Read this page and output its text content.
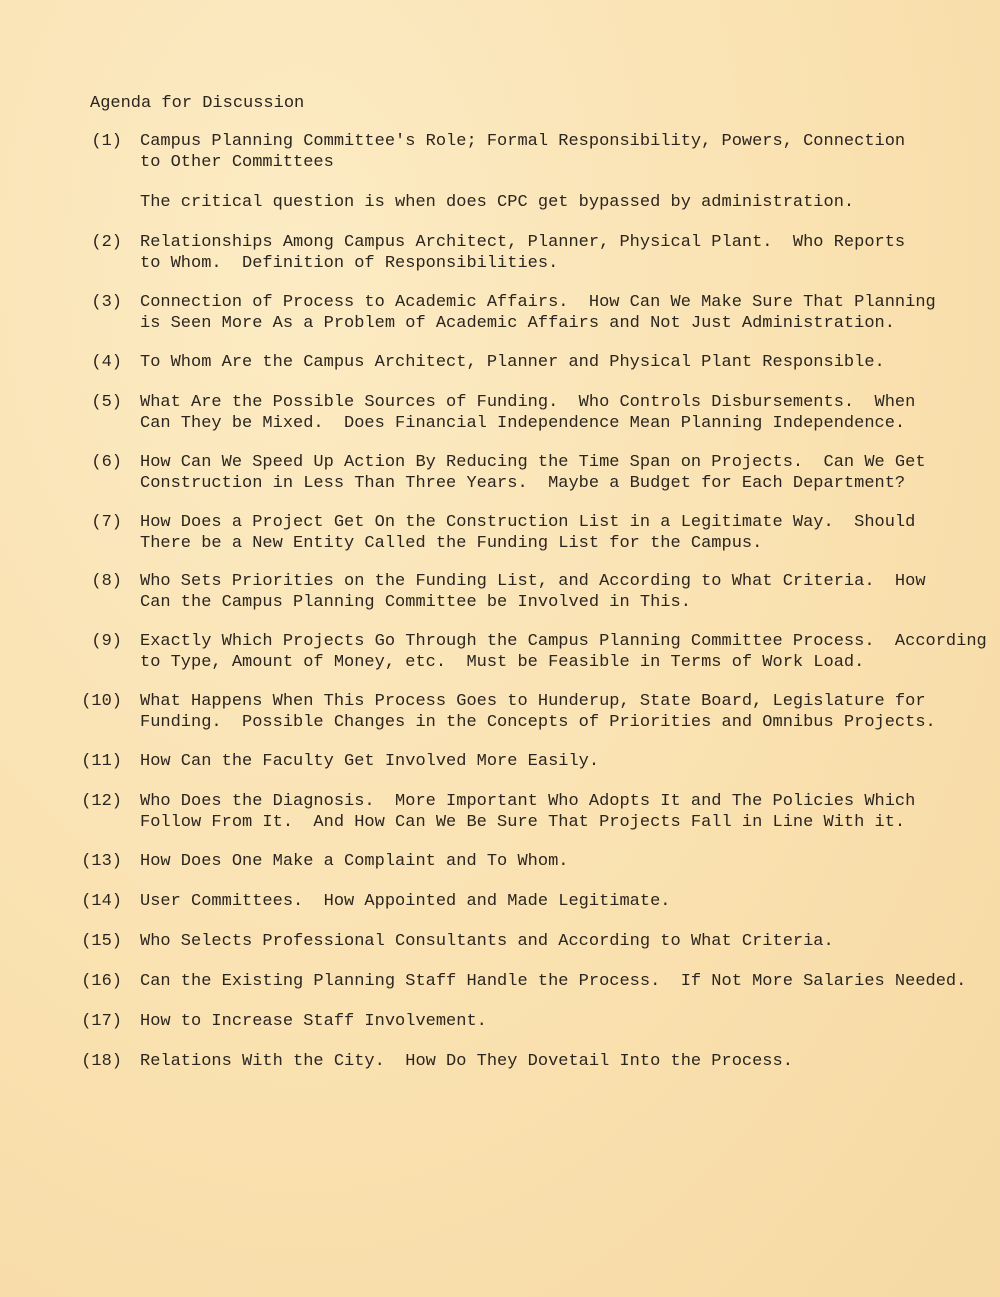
Agenda for Discussion
The critical question is when does CPC get bypassed by administration.
(1) Campus Planning Committee's Role; Formal Responsibility, Powers, Connection
to Other Committees
(2) Relationships Among Campus Architect, Planner, Physical Plant.  Who Reports
to Whom.  Definition of Responsibilities.
(3) Connection of Process to Academic Affairs.  How Can We Make Sure That Planning
is Seen More As a Problem of Academic Affairs and Not Just Administration.
(4) To Whom Are the Campus Architect, Planner and Physical Plant Responsible.
(5) What Are the Possible Sources of Funding.  Who Controls Disbursements.  When
Can They be Mixed.  Does Financial Independence Mean Planning Independence.
(6) How Can We Speed Up Action By Reducing the Time Span on Projects.  Can We Get
Construction in Less Than Three Years.  Maybe a Budget for Each Department?
(7) How Does a Project Get On the Construction List in a Legitimate Way.  Should
There be a New Entity Called the Funding List for the Campus.
(8) Who Sets Priorities on the Funding List, and According to What Criteria.  How
Can the Campus Planning Committee be Involved in This.
(9) Exactly Which Projects Go Through the Campus Planning Committee Process.  According
to Type, Amount of Money, etc.  Must be Feasible in Terms of Work Load.
(10) What Happens When This Process Goes to Hunderup, State Board, Legislature for
Funding.  Possible Changes in the Concepts of Priorities and Omnibus Projects.
(11) How Can the Faculty Get Involved More Easily.
(12) Who Does the Diagnosis.  More Important Who Adopts It and The Policies Which
Follow From It.  And How Can We Be Sure That Projects Fall in Line With it.
(13) How Does One Make a Complaint and To Whom.
(14) User Committees.  How Appointed and Made Legitimate.
(15) Who Selects Professional Consultants and According to What Criteria.
(16) Can the Existing Planning Staff Handle the Process.  If Not More Salaries Needed.
(17) How to Increase Staff Involvement.
(18) Relations With the City.  How Do They Dovetail Into the Process.
